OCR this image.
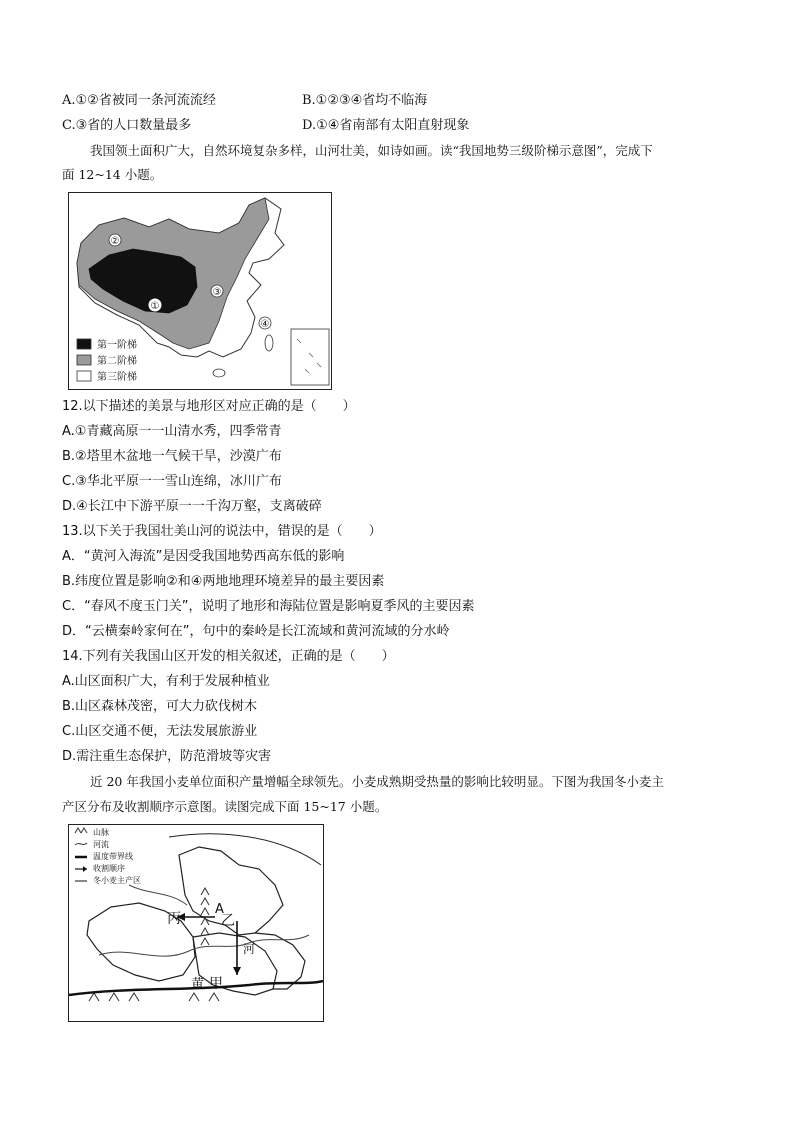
A.①②省被同一条河流流经	B.①②③④省均不临海
C.③省的人口数量最多	D.①④省南部有太阳直射现象
我国领土面积广大，自然环境复杂多样，山河壮美，如诗如画。读“我国地势三级阶梯示意图”，完成下
面 12~14 小题。
①
②
③
④
第一阶梯
第二阶梯
第三阶梯
12.以下描述的美景与地形区对应正确的是（　　）
A.①青藏高原一一山清水秀，四季常青
B.②塔里木盆地一气候干旱，沙漠广布
C.③华北平原一一雪山连绵，冰川广布
D.④长江中下游平原一一千沟万壑，支离破碎
13.以下关于我国壮美山河的说法中，错误的是（　　）
A．“黄河入海流”是因受我国地势西高东低的影响
B.纬度位置是影响②和④两地地理环境差异的最主要因素
C．“春风不度玉门关”，说明了地形和海陆位置是影响夏季风的主要因素
D．“云横秦岭家何在”，句中的秦岭是长江流域和黄河流域的分水岭
14.下列有关我国山区开发的相关叙述，正确的是（　　）
A.山区面积广大，有利于发展种植业
B.山区森林茂密，可大力砍伐树木
C.山区交通不便，无法发展旅游业
D.需注重生态保护，防范滑坡等灾害
近 20 年我国小麦单位面积产量增幅全球领先。小麦成熟期受热量的影响比较明显。下图为我国冬小麦主
产区分布及收割顺序示意图。读图完成下面 15~17 小题。
丙
A
乙
河
黄 甲
山脉
河流
温度带界线
收割顺序
冬小麦主产区
